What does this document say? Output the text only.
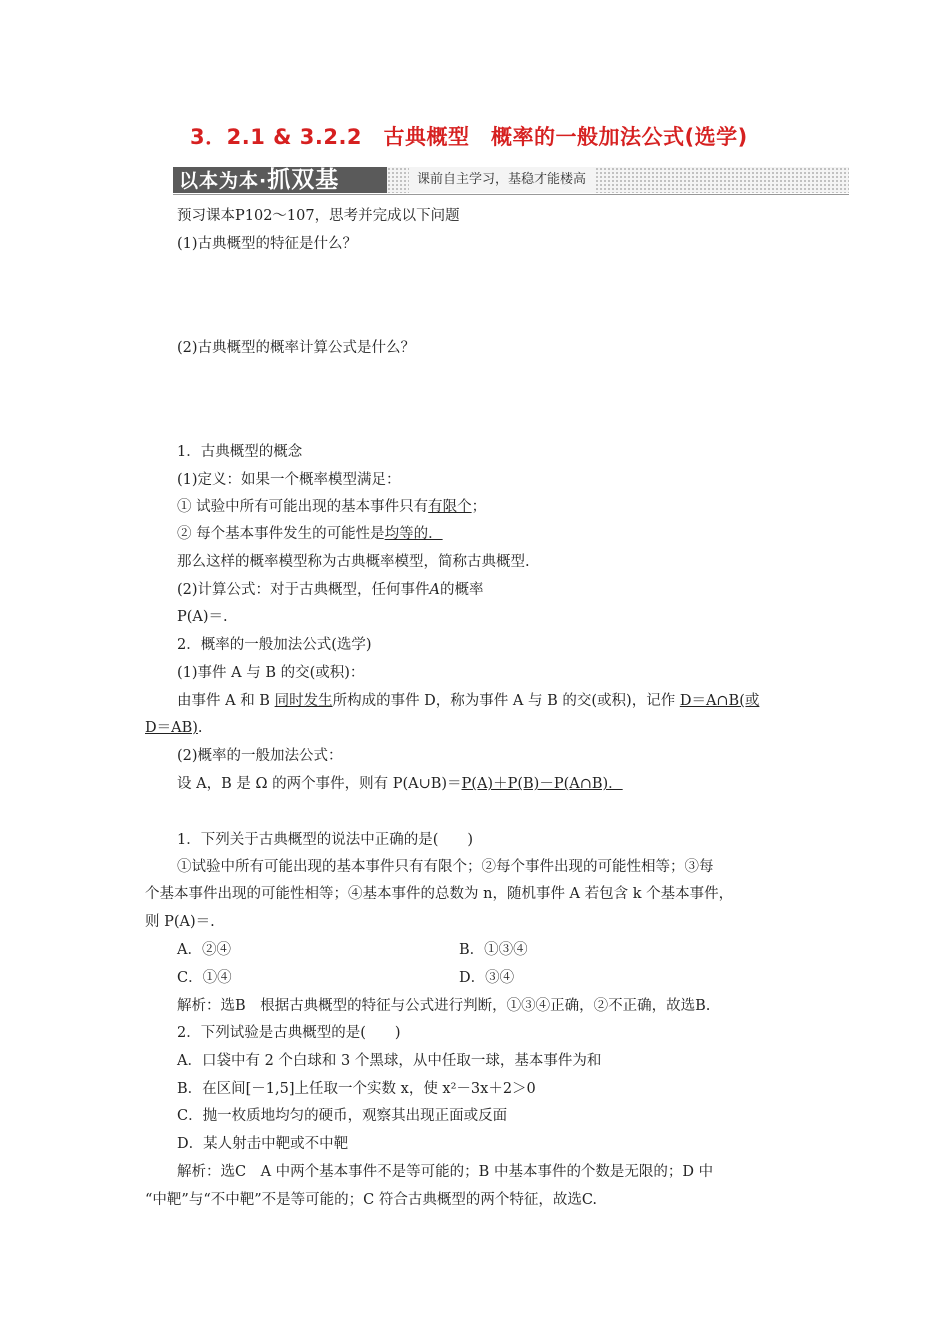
3．2.1 & 3.2.2　古典概型　概率的一般加法公式(选学)
以本为本·抓双基	课前自主学习，基稳才能楼高
预习课本P102～107，思考并完成以下问题
(1)古典概型的特征是什么？
(2)古典概型的概率计算公式是什么？
1．古典概型的概念
(1)定义：如果一个概率模型满足：
① 试验中所有可能出现的基本事件只有有限个；
② 每个基本事件发生的可能性是均等的．
那么这样的概率模型称为古典概率模型，简称古典概型.
(2)计算公式：对于古典概型，任何事件A的概率
P(A)＝.
2．概率的一般加法公式(选学)
(1)事件 A 与 B 的交(或积)：
由事件 A 和 B 同时发生所构成的事件 D，称为事件 A 与 B 的交(或积)，记作 D＝A∩B(或
D＝AB).
(2)概率的一般加法公式：
设 A，B 是 Ω 的两个事件，则有 P(A∪B)＝P(A)＋P(B)－P(A∩B)．
1．下列关于古典概型的说法中正确的是(　　)
①试验中所有可能出现的基本事件只有有限个；②每个事件出现的可能性相等；③每
个基本事件出现的可能性相等；④基本事件的总数为 n，随机事件 A 若包含 k 个基本事件，
则 P(A)＝.
A．②④	B．①③④
C．①④	D．③④
解析：选B　根据古典概型的特征与公式进行判断，①③④正确，②不正确，故选B.
2．下列试验是古典概型的是(　　)
A．口袋中有 2 个白球和 3 个黑球，从中任取一球，基本事件为和
B．在区间[－1,5]上任取一个实数 x，使 x²－3x＋2＞0
C．抛一枚质地均匀的硬币，观察其出现正面或反面
D．某人射击中靶或不中靶
解析：选C　A 中两个基本事件不是等可能的；B 中基本事件的个数是无限的；D 中
“中靶”与“不中靶”不是等可能的；C 符合古典概型的两个特征，故选C.
